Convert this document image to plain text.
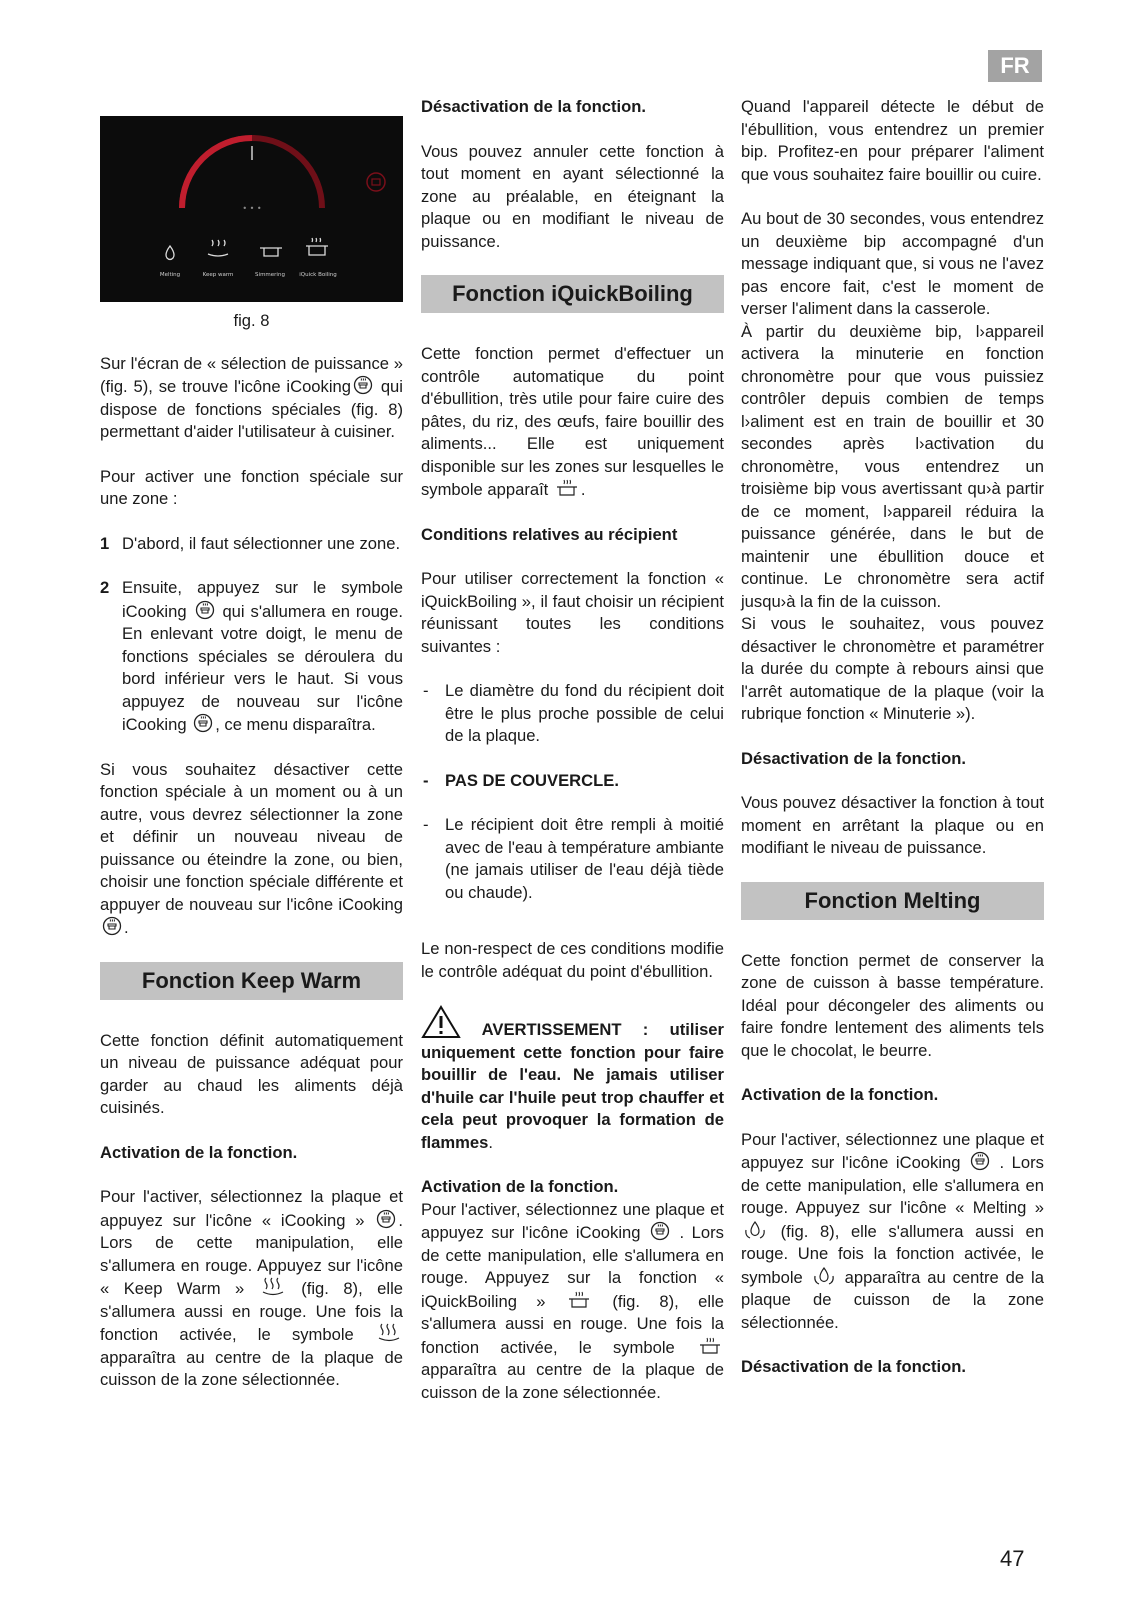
FR
• • •
Melting	Keep warm	Simmering	iQuick Boiling
fig. 8

Sur l'écran de « sélection de puissance » (fig. 5), se trouve l'icône iCooking qui dispose de fonctions spéciales (fig. 8) permettant d'aider l'utilisateur à cuisiner.

Pour activer une fonction spéciale sur une zone :

1 D'abord, il faut sélectionner une zone.
2 Ensuite, appuyez sur le symbole iCooking qui s'allumera en rouge. En enlevant votre doigt, le menu de fonctions spéciales se déroulera du bord inférieur vers le haut. Si vous appuyez de nouveau sur l'icône iCooking , ce menu disparaîtra.

Si vous souhaitez désactiver cette fonction spéciale à un moment ou à un autre, vous devrez sélectionner la zone et définir un nouveau niveau de puissance ou éteindre la zone, ou bien, choisir une fonction spéciale différente et appuyer de nouveau sur l'icône iCooking .

Fonction Keep Warm

Cette fonction définit automatiquement un niveau de puissance adéquat pour garder au chaud les aliments déjà cuisinés.

Activation de la fonction.

Pour l'activer, sélectionnez la plaque et appuyez sur l'icône « iCooking » . Lors de cette manipulation, elle s'allumera en rouge. Appuyez sur l'icône « Keep Warm »	(fig. 8), elle s'allumera aussi en rouge. Une fois la fonction activée, le symbole  apparaîtra au centre de la plaque de cuisson de la zone sélectionnée.

Désactivation de la fonction.

Vous pouvez annuler cette fonction à tout moment en ayant sélectionné la zone au préalable, en éteignant la plaque ou en modifiant le niveau de puissance.

Fonction iQuickBoiling

Cette fonction permet d'effectuer un contrôle automatique du point d'ébullition, très utile pour faire cuire des pâtes, du riz, des œufs, faire bouillir des aliments... Elle est uniquement disponible sur les zones sur lesquelles le symbole apparaît .

Conditions relatives au récipient

Pour utiliser correctement la fonction « iQuickBoiling », il faut choisir un récipient réunissant toutes les conditions suivantes :

- Le diamètre du fond du récipient doit être le plus proche possible de celui de la plaque.
- PAS DE COUVERCLE.
- Le récipient doit être rempli à moitié avec de l'eau à température ambiante (ne jamais utiliser de l'eau déjà tiède ou chaude).

Le non-respect de ces conditions modifie le contrôle adéquat du point d'ébullition.

AVERTISSEMENT : utiliser uniquement cette fonction pour faire bouillir de l'eau. Ne jamais utiliser d'huile car l'huile peut trop chauffer et cela peut provoquer la formation de flammes.

Activation de la fonction.

Pour l'activer, sélectionnez une plaque et appuyez sur l'icône iCooking . Lors de cette manipulation, elle s'allumera en rouge. Appuyez sur la fonction « iQuickBoiling »	(fig. 8), elle s'allumera aussi en rouge. Une fois la fonction activée, le symbole  apparaîtra au centre de la plaque de cuisson de la zone sélectionnée.

Quand l'appareil détecte le début de l'ébullition, vous entendrez un premier bip. Profitez-en pour préparer l'aliment que vous souhaitez faire bouillir ou cuire.

Au bout de 30 secondes, vous entendrez un deuxième bip accompagné d'un message indiquant que, si vous ne l'avez pas encore fait, c'est le moment de verser l'aliment dans la casserole.

À partir du deuxième bip, l›appareil activera la minuterie en fonction chronomètre pour que vous puissiez contrôler depuis combien de temps l›aliment est en train de bouillir et 30 secondes après l›activation du chronomètre, vous entendrez un troisième bip vous avertissant qu›à partir de ce moment, l›appareil réduira la puissance générée, dans le but de maintenir une ébullition douce et continue. Le chronomètre sera actif jusqu›à la fin de la cuisson.

Si vous le souhaitez, vous pouvez désactiver le chronomètre et paramétrer la durée du compte à rebours ainsi que l'arrêt automatique de la plaque (voir la rubrique fonction « Minuterie »).

Désactivation de la fonction.

Vous pouvez désactiver la fonction à tout moment en arrêtant la plaque ou en modifiant le niveau de puissance.

Fonction Melting

Cette fonction permet de conserver la zone de cuisson à basse température. Idéal pour décongeler des aliments ou faire fondre lentement des aliments tels que le chocolat, le beurre.

Activation de la fonction.

Pour l'activer, sélectionnez une plaque et appuyez sur l'icône iCooking . Lors de cette manipulation, elle s'allumera en rouge. Appuyez sur l'icône « Melting »  (fig. 8), elle s'allumera aussi en rouge. Une fois la fonction activée, le symbole	apparaîtra au centre de la plaque de cuisson de la zone sélectionnée.

Désactivation de la fonction.

47
